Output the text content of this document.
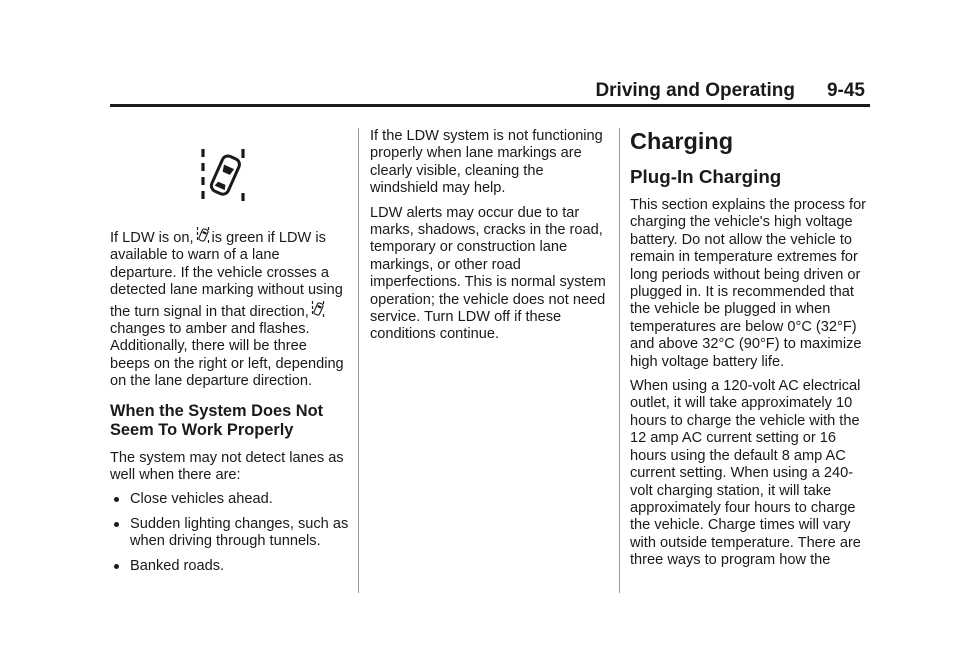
Driving and Operating 9-45

If LDW is on, is green if LDW is available to warn of a lane departure. If the vehicle crosses a detected lane marking without using the turn signal in that direction,changes to amber and flashes. Additionally, there will be three beeps on the right or left, depending on the lane departure direction.

When the System Does Not Seem To Work Properly

The system may not detect lanes as well when there are:

Close vehicles ahead.
Sudden lighting changes, such as when driving through tunnels.
Banked roads.

If the LDW system is not functioning properly when lane markings are clearly visible, cleaning the windshield may help.

LDW alerts may occur due to tar marks, shadows, cracks in the road, temporary or construction lane markings, or other road imperfections. This is normal system operation; the vehicle does not need service. Turn LDW off if these conditions continue.

Charging
Plug-In Charging

This section explains the process for charging the vehicle's high voltage battery. Do not allow the vehicle to remain in temperature extremes for long periods without being driven or plugged in. It is recommended that the vehicle be plugged in when temperatures are below 0°C (32°F) and above 32°C (90°F) to maximize high voltage battery life.

When using a 120-volt AC electrical outlet, it will take approximately 10 hours to charge the vehicle with the 12 amp AC current setting or 16 hours using the default 8 amp AC current setting. When using a 240-volt charging station, it will take approximately four hours to charge the vehicle. Charge times will vary with outside temperature. There are three ways to program how the
